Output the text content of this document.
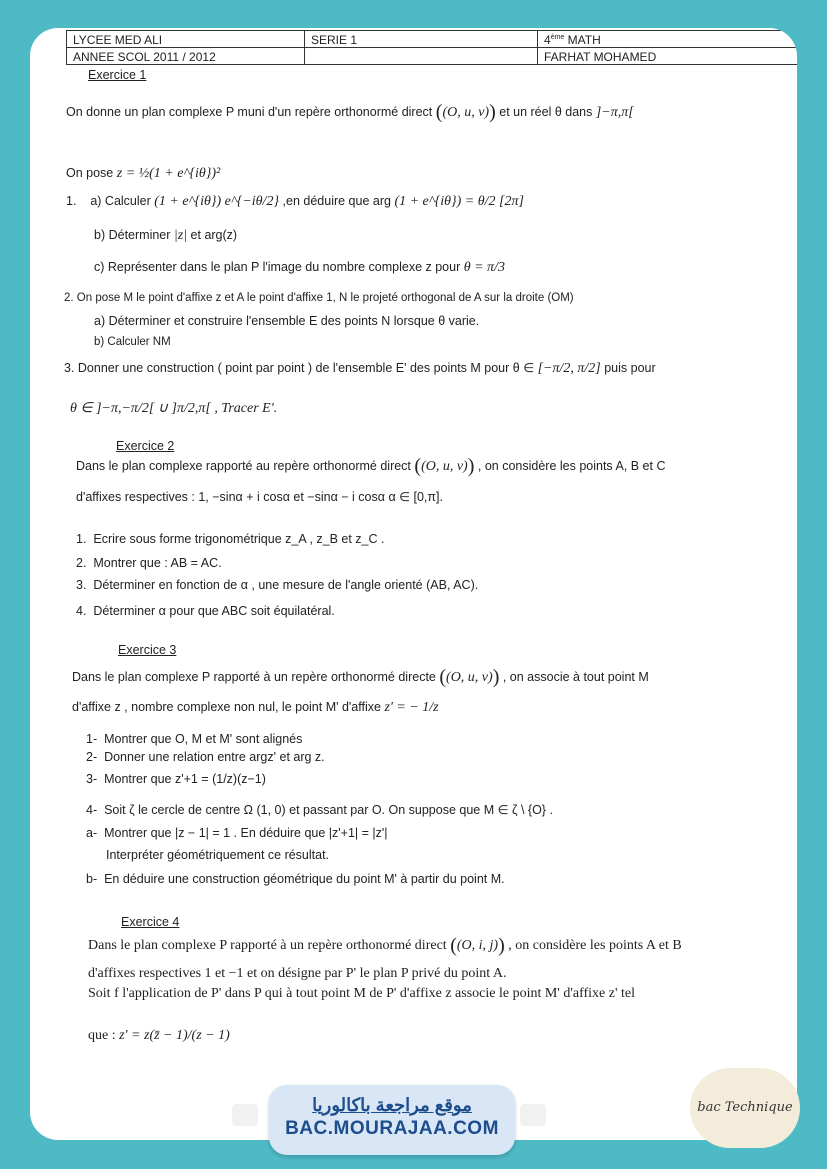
LYCEE MED ALI	SERIE 1	4ème MATH
ANNEE SCOL 2011 / 2012		FARHAT MOHAMED
Exercice 1
On donne un plan complexe P muni d'un repère orthonormé direct ((O, u, v)) et un réel θ dans ]−π,π[
On pose z = ½(1 + e^{iθ})²
1. a) Calculer (1 + e^{iθ}) e^{−iθ/2} ,en déduire que arg (1 + e^{iθ}) = θ/2 [2π]
b) Déterminer |z| et arg(z)
c) Représenter dans le plan P l'image du nombre complexe z pour θ = π/3
2. On pose M le point d'affixe z et A le point d'affixe 1, N le projeté orthogonal de A sur la droite (OM)
a) Déterminer et construire l'ensemble E des points N lorsque θ varie.
b) Calculer NM
3. Donner une construction ( point par point ) de l'ensemble E' des points M pour θ ∈ [−π/2, π/2] puis pour
θ ∈ ]−π,−π/2[ ∪ ]π/2,π[ , Tracer E'.
Exercice 2
Dans le plan complexe rapporté au repère orthonormé direct ((O, u, v)) , on considère les points A, B et C
d'affixes respectives : 1, −sinα + i cosα et −sinα − i cosα α ∈ [0,π].
1. Ecrire sous forme trigonométrique z_A , z_B et z_C .
2. Montrer que : AB = AC.
3. Déterminer en fonction de α , une mesure de l'angle orienté (AB, AC).
4. Déterminer α pour que ABC soit équilatéral.
Exercice 3
Dans le plan complexe P rapporté à un repère orthonormé directe ((O, u, v)) , on associe à tout point M
d'affixe z , nombre complexe non nul, le point M' d'affixe z' = − 1/z
1- Montrer que O, M et M' sont alignés
2- Donner une relation entre argz' et arg z.
3- Montrer que z'+1 = (1/z)(z−1)
4- Soit ζ le cercle de centre Ω (1, 0) et passant par O. On suppose que M ∈ ζ \ {O} .
a- Montrer que |z − 1| = 1 . En déduire que |z'+1| = |z'|
Interpréter géométriquement ce résultat.
b- En déduire une construction géométrique du point M' à partir du point M.
Exercice 4
Dans le plan complexe P rapporté à un repère orthonormé direct ((O, i, j)) , on considère les points A et B
d'affixes respectives 1 et −1 et on désigne par P' le plan P privé du point A.
Soit f l'application de P' dans P qui à tout point M de P' d'affixe z associe le point M' d'affixe z' tel
que : z' = z(z̄ − 1)/(z − 1)
موقع مراجعة باكالوريا
BAC.MOURAJAA.COM
bac Technique
